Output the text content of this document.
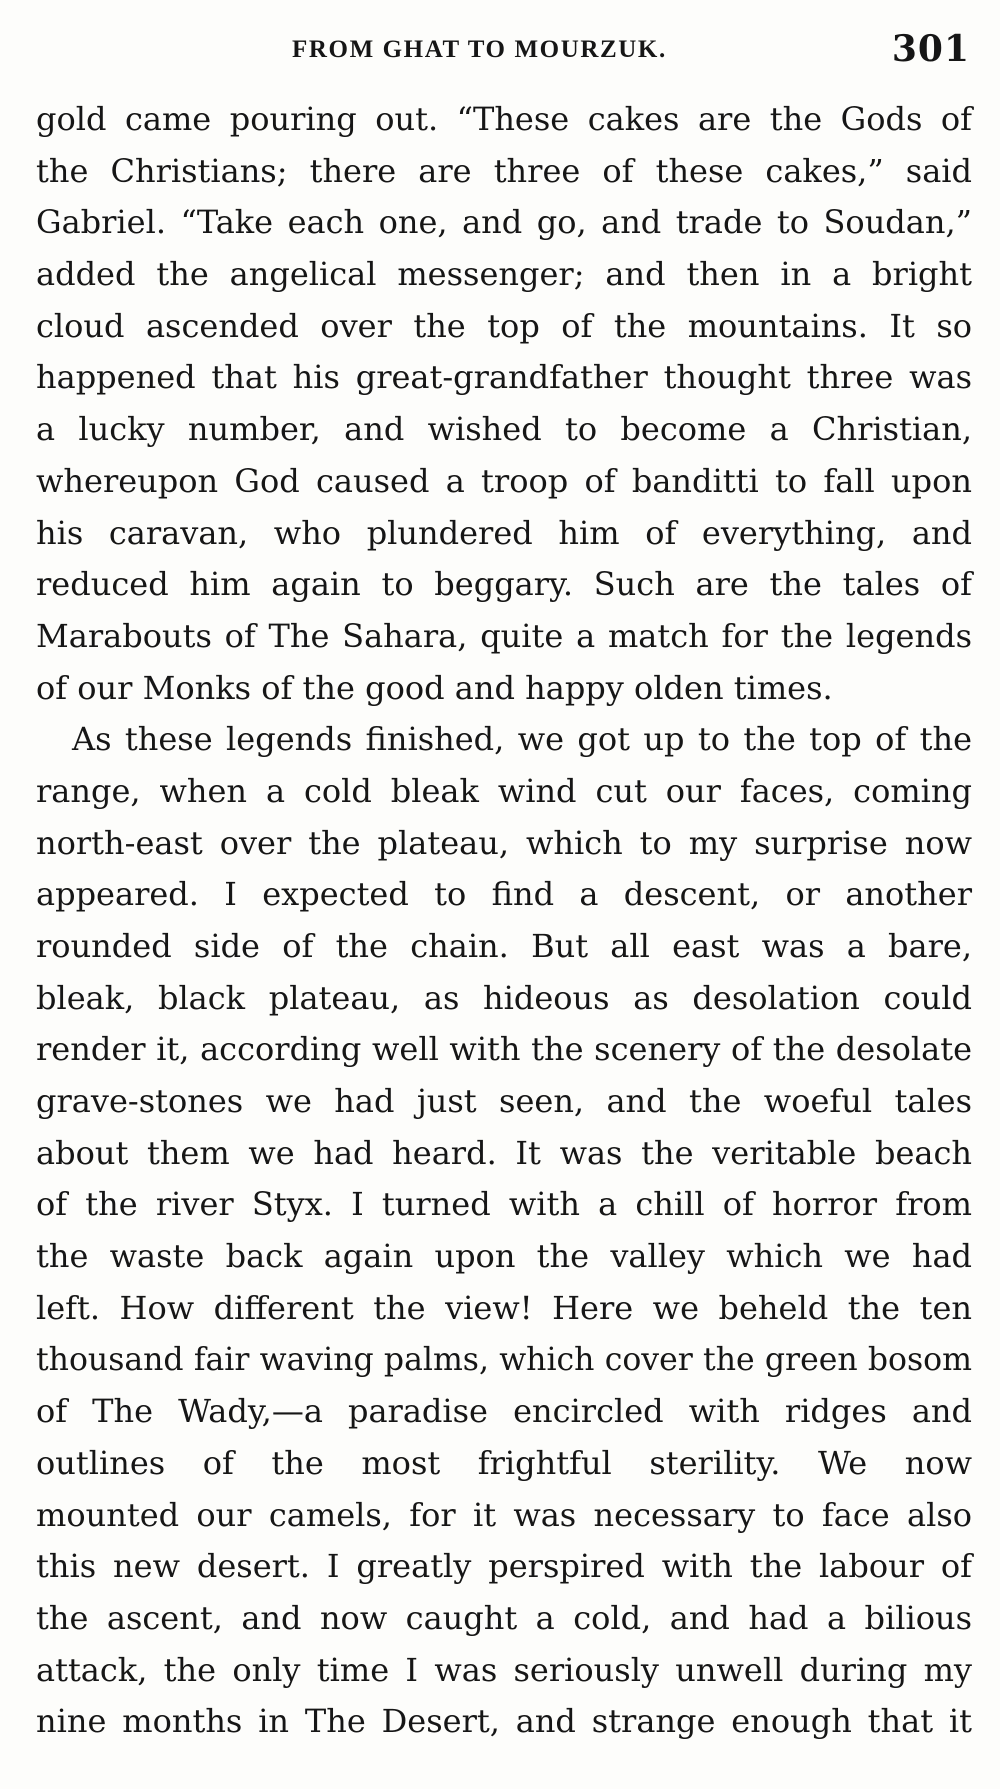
FROM GHAT TO MOURZUK.	301
gold came pouring out. “These cakes are the Gods of
the Christians; there are three of these cakes,” said
Gabriel. “Take each one, and go, and trade to Soudan,”
added the angelical messenger; and then in a bright
cloud ascended over the top of the mountains. It so
happened that his great-grandfather thought three was
a lucky number, and wished to become a Christian,
whereupon God caused a troop of banditti to fall upon
his caravan, who plundered him of everything, and
reduced him again to beggary. Such are the tales of
Marabouts of The Sahara, quite a match for the legends
of our Monks of the good and happy olden times.
As these legends finished, we got up to the top of the
range, when a cold bleak wind cut our faces, coming
north-east over the plateau, which to my surprise now
appeared. I expected to find a descent, or another
rounded side of the chain. But all east was a bare,
bleak, black plateau, as hideous as desolation could
render it, according well with the scenery of the desolate
grave-stones we had just seen, and the woeful tales
about them we had heard. It was the veritable beach
of the river Styx. I turned with a chill of horror from
the waste back again upon the valley which we had
left. How different the view! Here we beheld the ten
thousand fair waving palms, which cover the green bosom
of The Wady,—a paradise encircled with ridges and
outlines of the most frightful sterility. We now
mounted our camels, for it was necessary to face also
this new desert. I greatly perspired with the labour of
the ascent, and now caught a cold, and had a bilious
attack, the only time I was seriously unwell during my
nine months in The Desert, and strange enough that it
